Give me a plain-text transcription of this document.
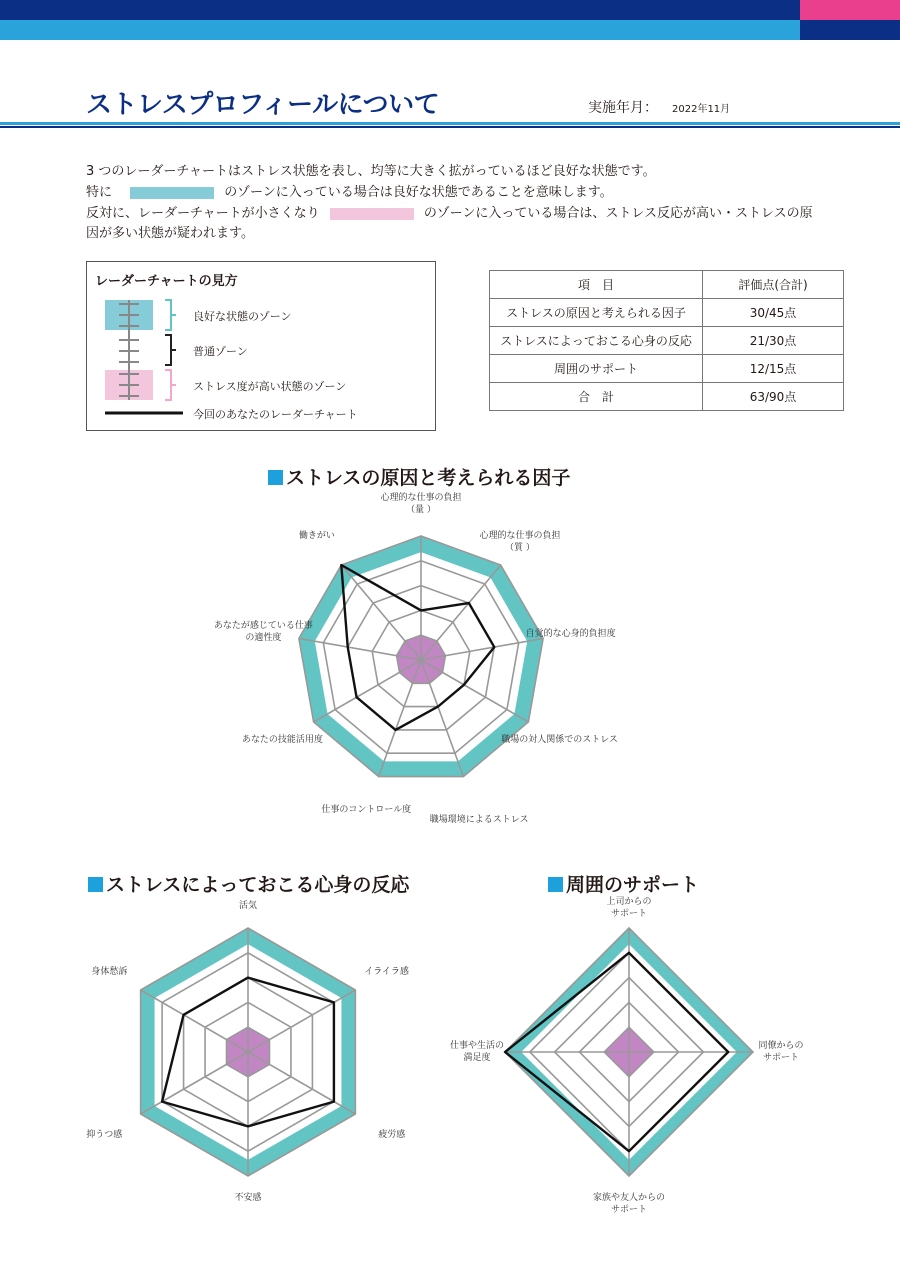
ストレスプロフィールについて	実施年月： 2022年11月
3 つのレーダーチャートはストレス状態を表し、均等に大きく拡がっているほど良好な状態です。
特に	のゾーンに入っている場合は良好な状態であることを意味します。
反対に、レーダーチャートが小さくなり	のゾーンに入っている場合は、ストレス反応が高い・ストレスの原
因が多い状態が疑われます。
レーダーチャートの見方
良好な状態のゾーン
普通ゾーン
ストレス度が高い状態のゾーン
今回のあなたのレーダーチャート
項　目	評価点(合計)
ストレスの原因と考えられる因子	30/45点
ストレスによっておこる心身の反応	21/30点
周囲のサポート	12/15点
合　計	63/90点
ストレスの原因と考えられる因子
ストレスによっておこる心身の反応	周囲のサポート
心理的な仕事の負担
（量 ）
心理的な仕事の負担
（質 ）
自覚的な心身的負担度
職場の対人関係でのストレス
職場環境によるストレス
仕事のコントロール度
あなたの技能活用度
あなたが感じている仕事
の適性度
働きがい
活気
イライラ感
疲労感
不安感
抑うつ感
身体愁訴
上司からの
サポート
同僚からの
サポート
家族や友人からの
サポート
仕事や生活の
満足度
